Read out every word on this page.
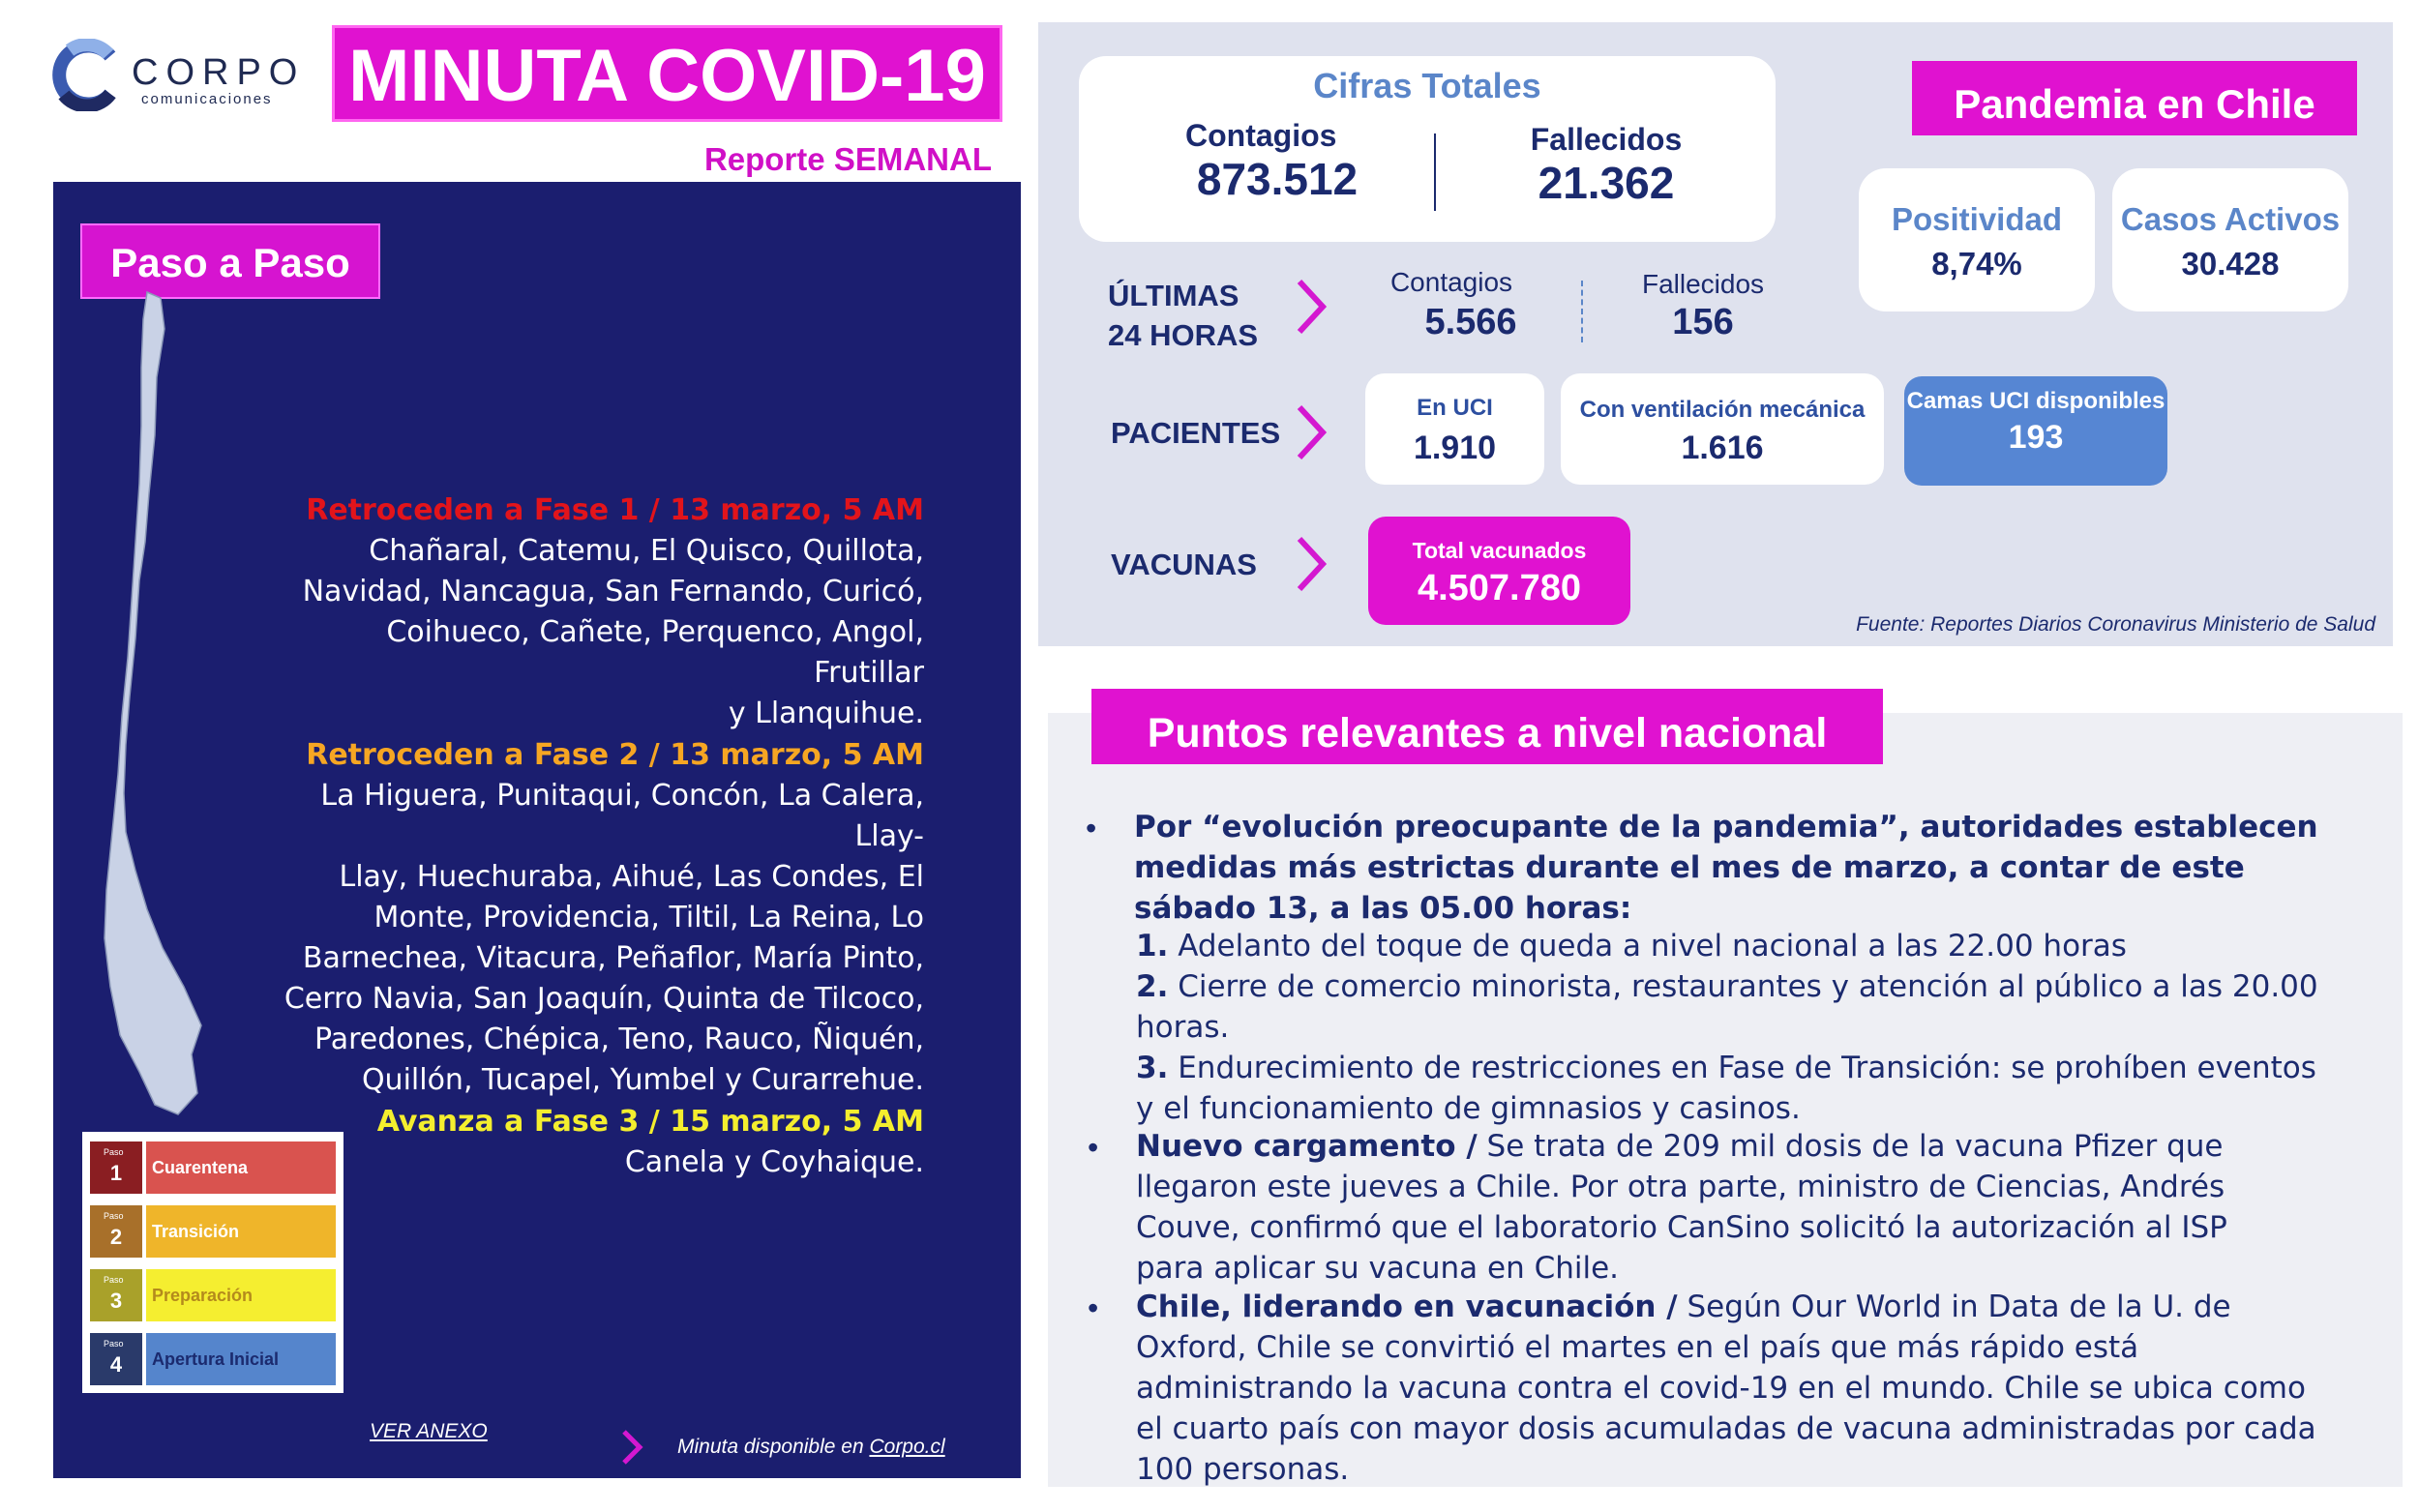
CORPO
comunicaciones MINUTA COVID-19
Reporte SEMANAL
Paso a Paso
Retroceden a Fase 1 / 13 marzo, 5 AM
Chañaral, Catemu, El Quisco, Quillota,
Navidad, Nancagua, San Fernando, Curicó,
Coihueco, Cañete, Perquenco, Angol, Frutillar
y Llanquihue.
Retroceden a Fase 2 / 13 marzo, 5 AM
La Higuera, Punitaqui, Concón, La Calera, Llay-
Llay, Huechuraba, Aihué, Las Condes, El
Monte, Providencia, Tiltil, La Reina, Lo
Barnechea, Vitacura, Peñaflor, María Pinto,
Cerro Navia, San Joaquín, Quinta de Tilcoco,
Paredones, Chépica, Teno, Rauco, Ñiquén,
Quillón, Tucapel, Yumbel y Curarrehue.
Avanza a Fase 3 / 15 marzo, 5 AM
Canela y Coyhaique.
Paso
1	Cuarentena
Paso
2	Transición
Paso
3	Preparación
Paso
4	Apertura Inicial
VER ANEXO
Minuta disponible en Corpo.cl
Cifras Totales
Contagios
873.512
Fallecidos
21.362
Pandemia en Chile
Positividad
8,74%
Casos Activos
30.428
ÚLTIMAS
24 HORAS
Contagios
5.566
Fallecidos
156
PACIENTES
En UCI
1.910
Con ventilación mecánica
1.616
Camas UCI disponibles
193
VACUNAS	Total vacunados
4.507.780
Fuente: Reportes Diarios Coronavirus Ministerio de Salud
Puntos relevantes a nivel nacional
• Por “evolución preocupante de la pandemia”, autoridades establecen medidas más estrictas durante el mes de marzo, a contar de este sábado 13, a las 05.00 horas:
1. Adelanto del toque de queda a nivel nacional a las 22.00 horas
2. Cierre de comercio minorista, restaurantes y atención al público a las 20.00 horas.
3. Endurecimiento de restricciones en Fase de Transición: se prohíben eventos y el funcionamiento de gimnasios y casinos.
• Nuevo cargamento / Se trata de 209 mil dosis de la vacuna Pfizer que llegaron este jueves a Chile. Por otra parte, ministro de Ciencias, Andrés Couve, confirmó que el laboratorio CanSino solicitó la autorización al ISP para aplicar su vacuna en Chile.
• Chile, liderando en vacunación / Según Our World in Data de la U. de Oxford, Chile se convirtió el martes en el país que más rápido está administrando la vacuna contra el covid-19 en el mundo. Chile se ubica como el cuarto país con mayor dosis acumuladas de vacuna administradas por cada 100 personas.
